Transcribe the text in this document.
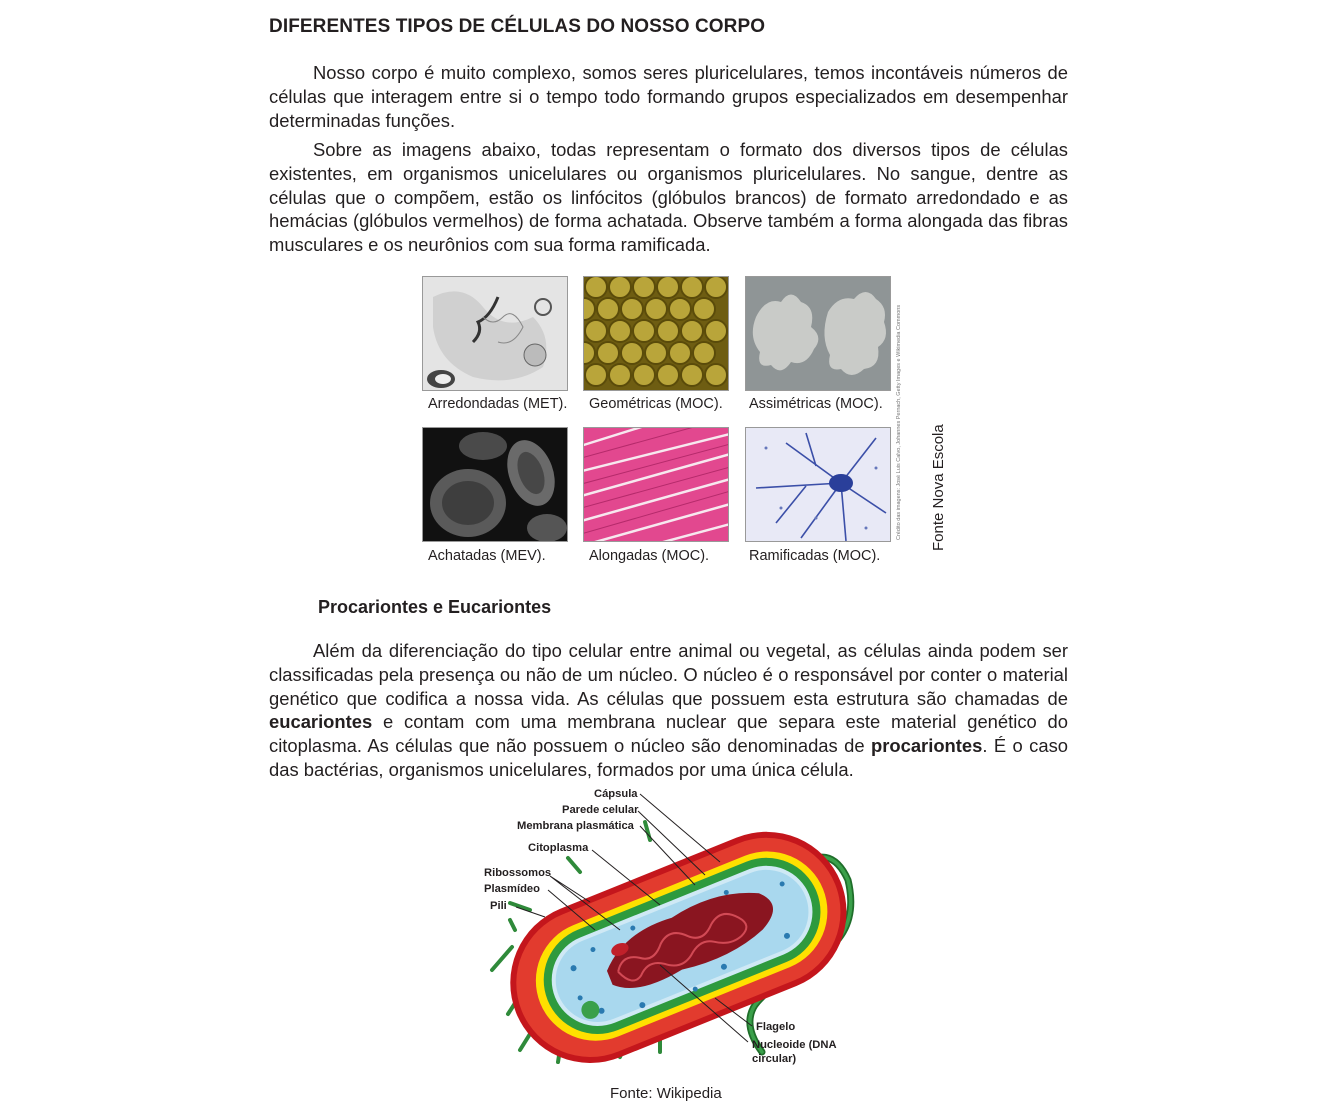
DIFERENTES TIPOS DE CÉLULAS DO NOSSO CORPO

Nosso corpo é muito complexo, somos seres pluricelulares, temos incontáveis números de células que interagem entre si o tempo todo formando grupos especializados em desempenhar determinadas funções.

Sobre as imagens abaixo, todas representam o formato dos diversos tipos de células existentes, em organismos unicelulares ou organismos pluricelulares. No sangue, dentre as células que o compõem, estão os linfócitos (glóbulos brancos) de formato arredondado e as hemácias (glóbulos vermelhos) de forma achatada. Observe também a forma alongada das fibras musculares e os neurônios com sua forma ramificada.

Arredondadas (MET). Geométricas (MOC). Assimétricas (MOC).
Achatadas (MEV).	Alongadas (MOC).	Ramificadas (MOC).
Crédito das imagens: José Luis Calvo, Johannes Pernach, Getty Images e Wikimedia Commons Fonte Nova Escola
Procariontes e Eucariontes

Além da diferenciação do tipo celular entre animal ou vegetal, as células ainda podem ser classificadas pela presença ou não de um núcleo. O núcleo é o responsável por conter o material genético que codifica a nossa vida. As células que possuem esta estrutura são chamadas de eucariontes e contam com uma membrana nuclear que separa este material genético do citoplasma. As células que não possuem o núcleo são denominadas de procariontes. É o caso das bactérias, organismos unicelulares, formados por uma única célula.

Cápsula
Parede celular
Membrana plasmática
Citoplasma
Ribossomos
Plasmídeo
Pili
Flagelo
Nucleoide (DNA
circular)
Fonte: Wikipedia
